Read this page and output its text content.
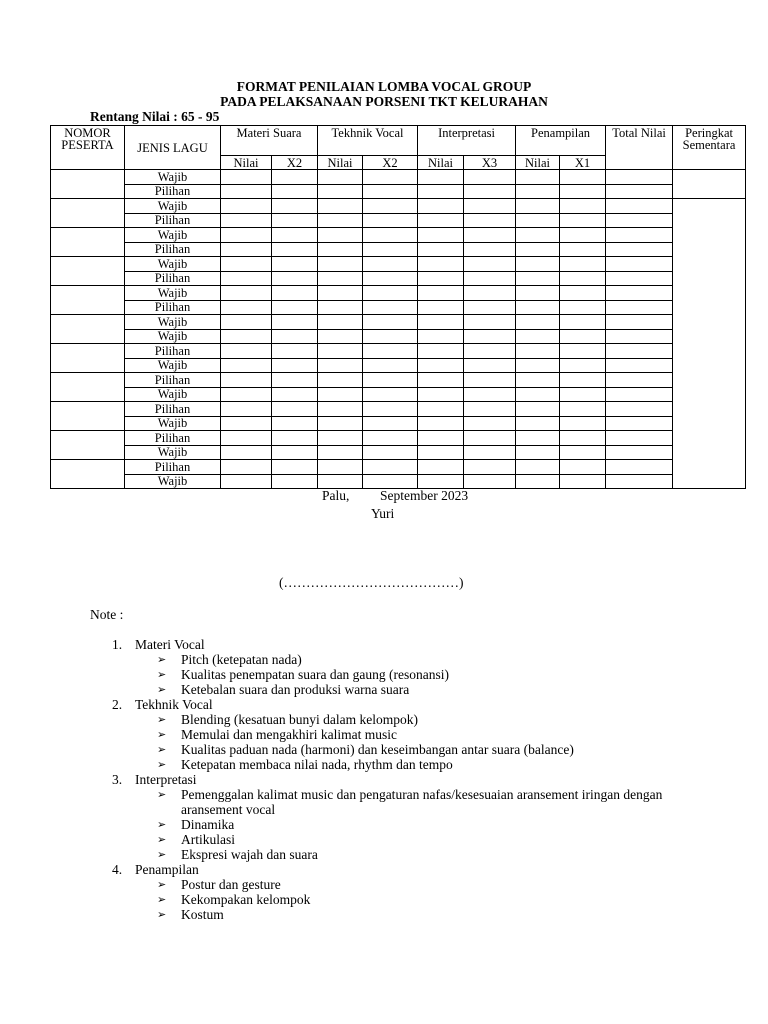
FORMAT PENILAIAN LOMBA VOCAL GROUP
PADA PELAKSANAAN PORSENI TKT KELURAHAN
Rentang Nilai : 65 - 95
NOMOR PESERTA	JENIS LAGU	Materi Suara		Tekhnik Vocal		Interpretasi		Penampilan		Total Nilai	Peringkat Sementara
		Nilai	X2	Nilai	X2	Nilai	X3	Nilai	X1		
	Wajib										
	Pilihan										
	Wajib										
	Pilihan										
	Wajib										
	Pilihan										
	Wajib										
	Pilihan										
	Wajib										
	Pilihan										
	Wajib										
	Wajib										
	Pilihan										
	Wajib										
	Pilihan										
	Wajib										
	Pilihan										
	Wajib										
	Pilihan										
	Wajib										
	Pilihan										
	Wajib										
Palu, September 2023
Yuri
(…………………………………)
Note :
1. Materi Vocal
➢ Pitch (ketepatan nada)
➢ Kualitas penempatan suara dan gaung (resonansi)
➢ Ketebalan suara dan produksi warna suara
2. Tekhnik Vocal
➢ Blending (kesatuan bunyi dalam kelompok)
➢ Memulai dan mengakhiri kalimat music
➢ Kualitas paduan nada (harmoni) dan keseimbangan antar suara (balance)
➢ Ketepatan membaca nilai nada, rhythm dan tempo
3. Interpretasi
➢ Pemenggalan kalimat music dan pengaturan nafas/kesesuaian aransement iringan dengan aransement vocal
➢ Dinamika
➢ Artikulasi
➢ Ekspresi wajah dan suara
4. Penampilan
➢ Postur dan gesture
➢ Kekompakan kelompok
➢ Kostum
